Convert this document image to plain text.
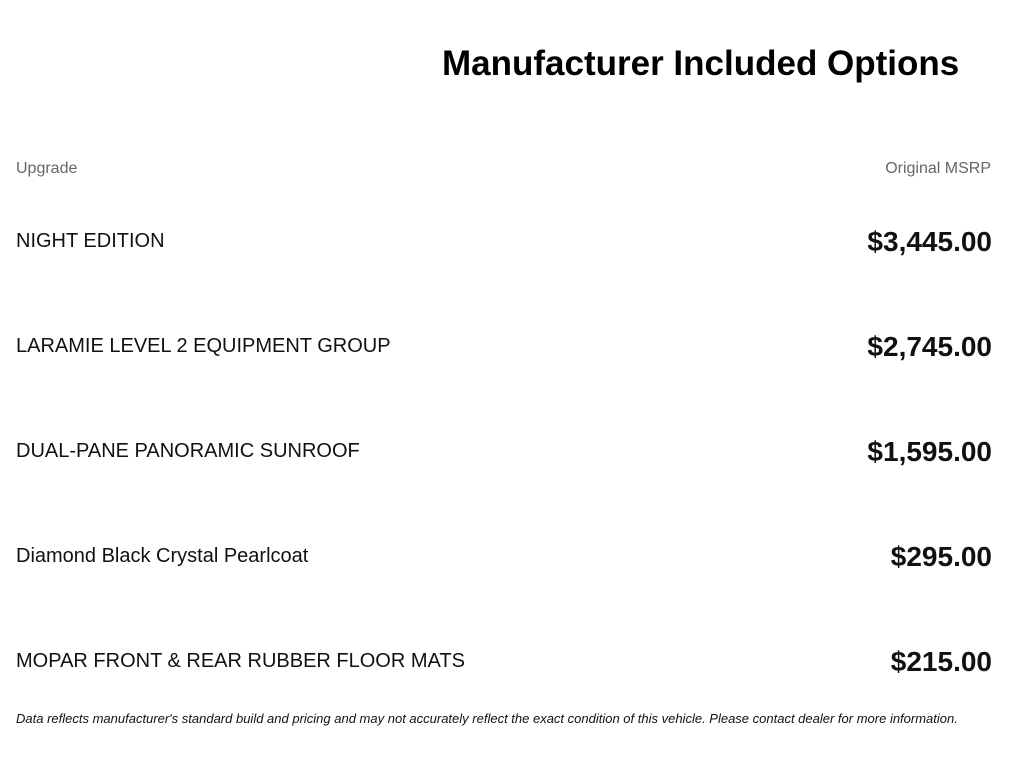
Manufacturer Included Options
Upgrade	Original MSRP
NIGHT EDITION	$3,445.00
LARAMIE LEVEL 2 EQUIPMENT GROUP	$2,745.00
DUAL-PANE PANORAMIC SUNROOF	$1,595.00
Diamond Black Crystal Pearlcoat	$295.00
MOPAR FRONT & REAR RUBBER FLOOR MATS	$215.00

Data reflects manufacturer's standard build and pricing and may not accurately reflect the exact condition of this vehicle. Please contact dealer for more information.
